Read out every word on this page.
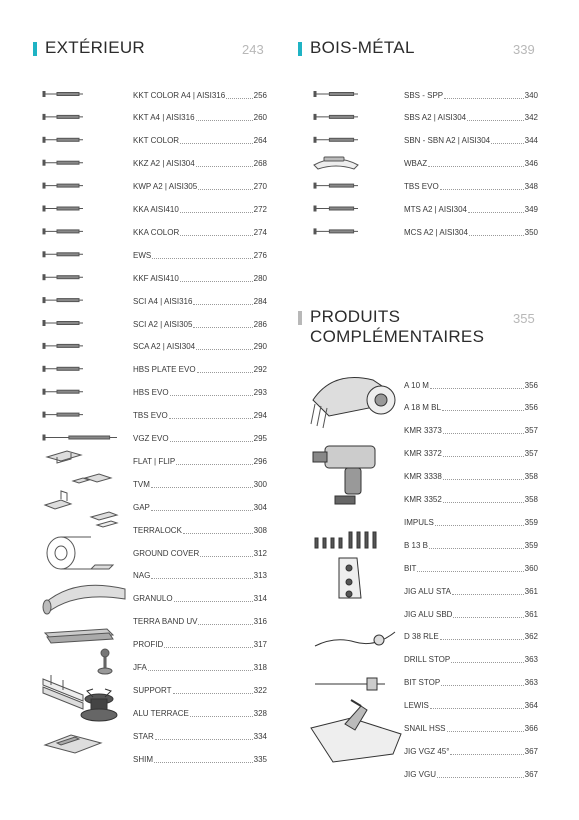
EXTÉRIEUR	243	BOIS-MÉTAL	339
PRODUITS
COMPLÉMENTAIRES
355
KKT COLOR A4 | AISI316	256
KKT A4 | AISI316	260
KKT COLOR	264
KKZ A2 | AISI304	268
KWP A2 | AISI305	270
KKA AISI410	272
KKA COLOR	274
EWS	276
KKF AISI410	280
SCI A4 | AISI316	284
SCI A2 | AISI305	286
SCA A2 | AISI304	290
HBS PLATE EVO	292
HBS EVO	293
TBS EVO	294
VGZ EVO	295
FLAT | FLIP	296
TVM	300
GAP	304
TERRALOCK	308
GROUND COVER	312
NAG	313
GRANULO	314
TERRA BAND UV	316
PROFID	317
JFA	318
SUPPORT	322
ALU TERRACE	328
STAR	334
SHIM	335
SBS - SPP	340
SBS A2 | AISI304	342
SBN - SBN A2 | AISI304	344
WBAZ	346
TBS EVO	348
MTS A2 | AISI304	349
MCS A2 | AISI304	350
A 10 M	356
A 18 M BL	356
KMR 3373	357
KMR 3372	357
KMR 3338	358
KMR 3352	358
IMPULS	359
B 13 B	359
BIT	360
JIG ALU STA	361
JIG ALU SBD	361
D 38 RLE	362
DRILL STOP	363
BIT STOP	363
LEWIS	364
SNAIL HSS	366
JIG VGZ 45°	367
JIG VGU	367
